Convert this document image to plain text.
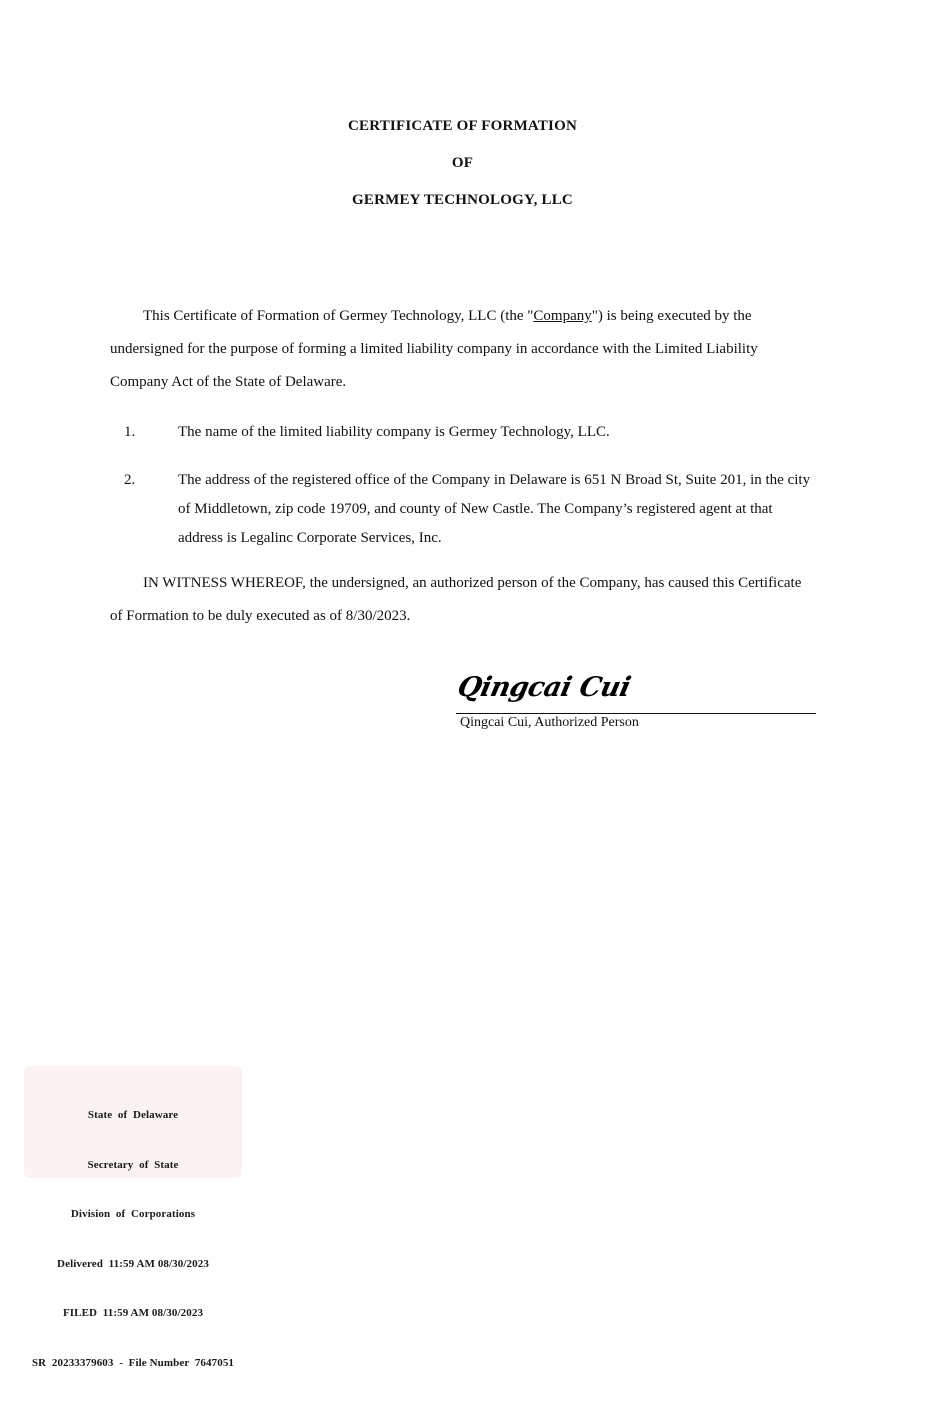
CERTIFICATE OF FORMATION
OF
GERMEY TECHNOLOGY, LLC
This Certificate of Formation of Germey Technology, LLC (the "Company") is being executed by the
undersigned for the purpose of forming a limited liability company in accordance with the Limited Liability
Company Act of the State of Delaware.
1.	The name of the limited liability company is Germey Technology, LLC.
2.	The address of the registered office of the Company in Delaware is 651 N Broad St, Suite 201, in the city
of Middletown, zip code 19709, and county of New Castle. The Company’s registered agent at that
address is Legalinc Corporate Services, Inc.
IN WITNESS WHEREOF, the undersigned, an authorized person of the Company, has caused this Certificate
of Formation to be duly executed as of 8/30/2023.
Qingcai Cui
Qingcai Cui, Authorized Person

State  of  Delaware

Secretary  of  State

Division  of  Corporations

Delivered  11:59 AM 08/30/2023

FILED  11:59 AM 08/30/2023

SR  20233379603  -  File Number  7647051
